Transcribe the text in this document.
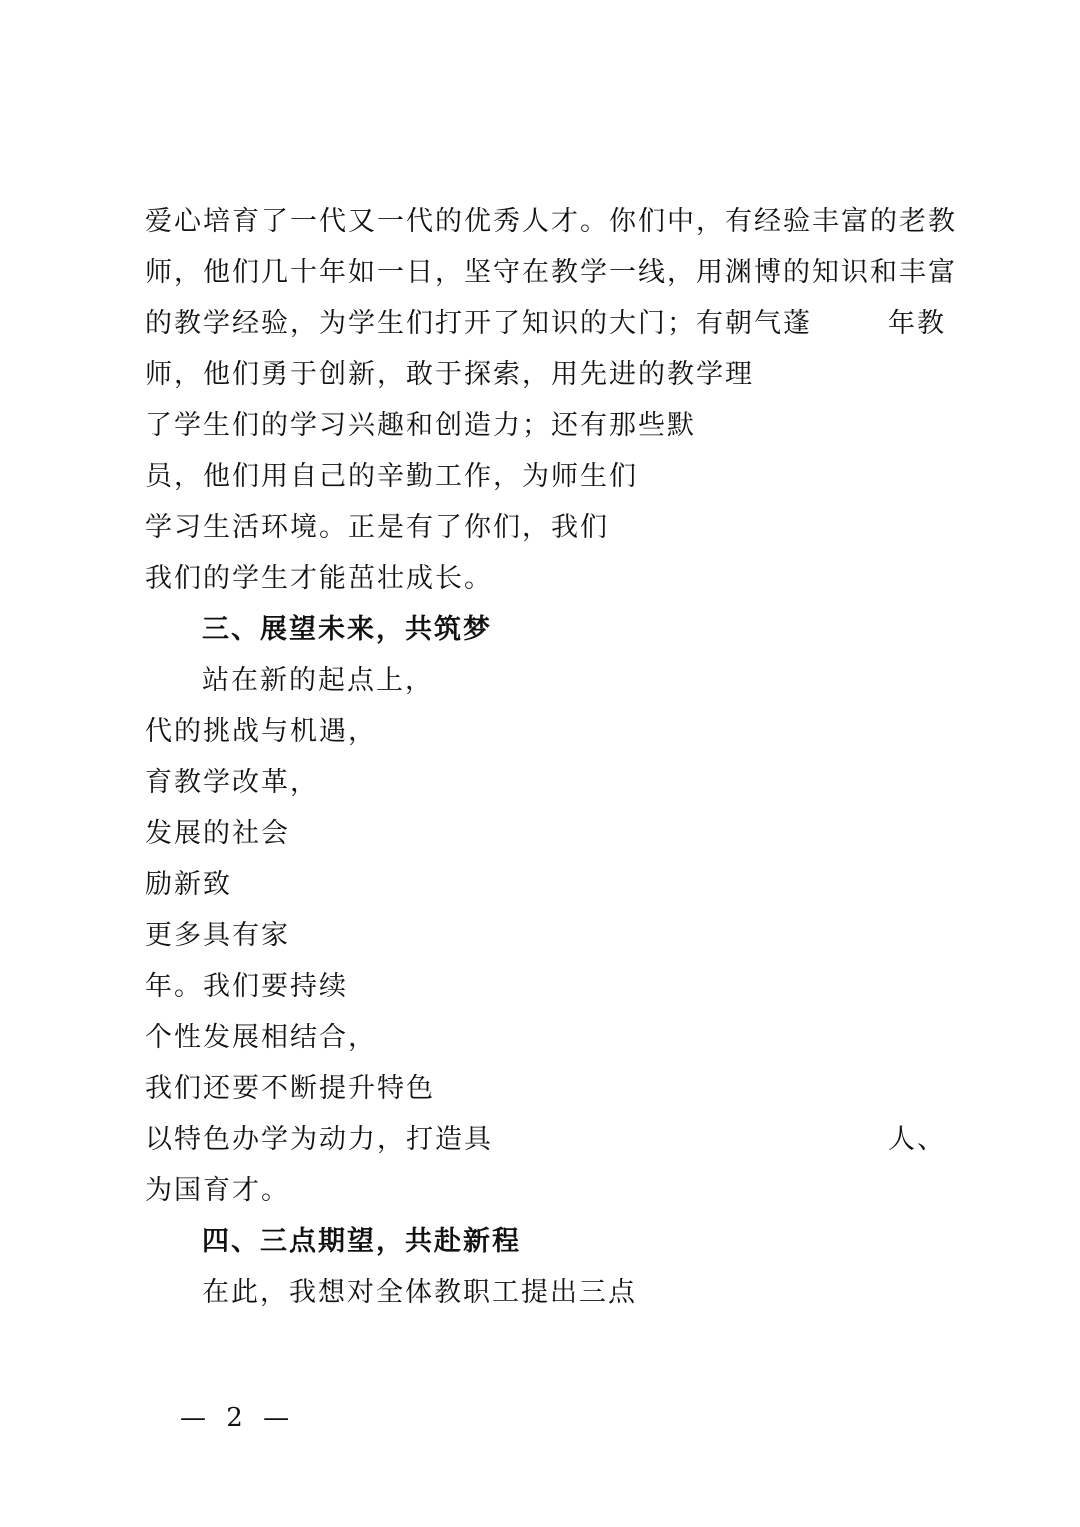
爱心培育了一代又一代的优秀人才。你们中，有经验丰富的老教
师，他们几十年如一日，坚守在教学一线，用渊博的知识和丰富
的教学经验，为学生们打开了知识的大门；有朝气蓬	年教
师，他们勇于创新，敢于探索，用先进的教学理
了学生们的学习兴趣和创造力；还有那些默
员，他们用自己的辛勤工作，为师生们
学习生活环境。正是有了你们，我们
我们的学生才能茁壮成长。
三、展望未来，共筑梦
站在新的起点上，
代的挑战与机遇，
育教学改革，
发展的社会
励新致
更多具有家
年。我们要持续
个性发展相结合，
我们还要不断提升特色
以特色办学为动力，打造具	人、
为国育才。
四、三点期望，共赴新程
在此，我想对全体教职工提出三点
— 2 —
